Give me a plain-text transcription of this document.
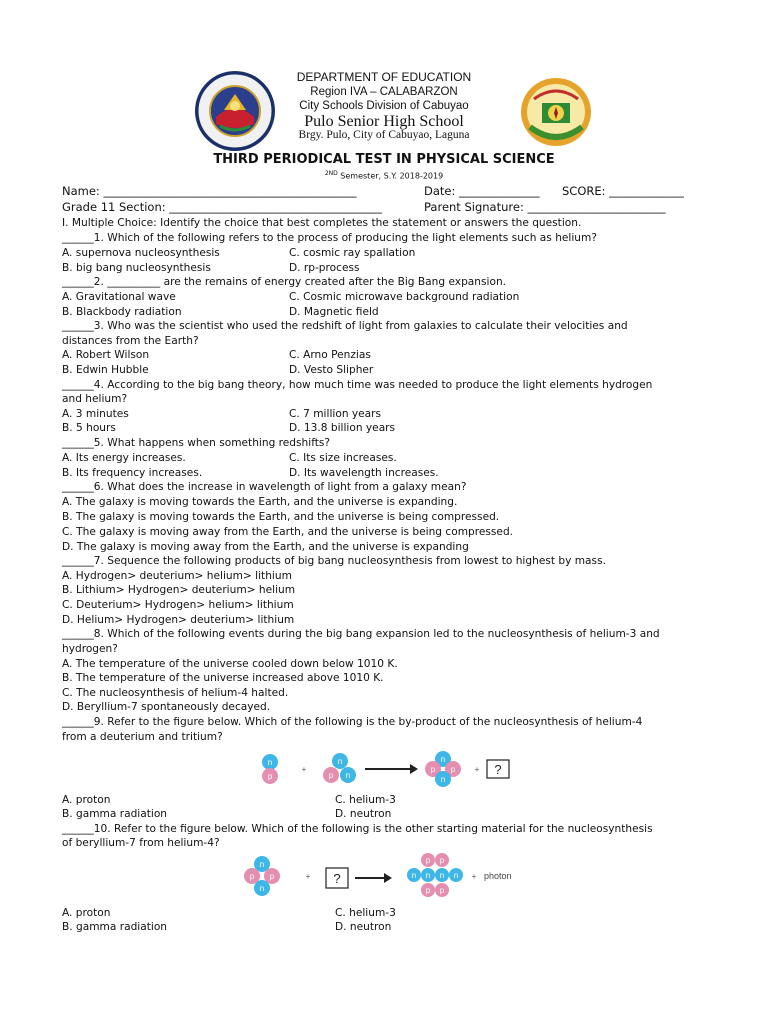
DEPARTMENT OF EDUCATION
Region IVA – CALABARZON
City Schools Division of Cabuyao
Pulo Senior High School
Brgy. Pulo, City of Cabuyao, Laguna
THIRD PERIODICAL TEST IN PHYSICAL SCIENCE
$^{2ND}$ Semester, S.Y. 2018-2019
Name: ____________________________________________	Date: ______________ SCORE: _____________
Grade 11 Section: _____________________________________	Parent Signature: ________________________
I. Multiple Choice: Identify the choice that best completes the statement or answers the question.
______1. Which of the following refers to the process of producing the light elements such as helium?
A. supernova nucleosynthesis	C. cosmic ray spallation
B. big bang nucleosynthesis	D. rp-process
______2. __________ are the remains of energy created after the Big Bang expansion.
A. Gravitational wave	C. Cosmic microwave background radiation
B. Blackbody radiation	D. Magnetic field
______3. Who was the scientist who used the redshift of light from galaxies to calculate their velocities and
distances from the Earth?
A. Robert Wilson	C. Arno Penzias
B. Edwin Hubble	D. Vesto Slipher
______4. According to the big bang theory, how much time was needed to produce the light elements hydrogen
and helium?
A. 3 minutes	C. 7 million years
B. 5 hours	D. 13.8 billion years
______5. What happens when something redshifts?
A. Its energy increases.	C. Its size increases.
B. Its frequency increases.	D. Its wavelength increases.
______6. What does the increase in wavelength of light from a galaxy mean?
A. The galaxy is moving towards the Earth, and the universe is expanding.
B. The galaxy is moving towards the Earth, and the universe is being compressed.
C. The galaxy is moving away from the Earth, and the universe is being compressed.
D. The galaxy is moving away from the Earth, and the universe is expanding
______7. Sequence the following products of big bang nucleosynthesis from lowest to highest by mass.
A. Hydrogen> deuterium> helium> lithium
B. Lithium> Hydrogen> deuterium> helium
C. Deuterium> Hydrogen> helium> lithium
D. Helium> Hydrogen> deuterium> lithium
______8. Which of the following events during the big bang expansion led to the nucleosynthesis of helium-3 and
hydrogen?
A. The temperature of the universe cooled down below 1010 K.
B. The temperature of the universe increased above 1010 K.
C. The nucleosynthesis of helium-4 halted.
D. Beryllium-7 spontaneously decayed.
______9. Refer to the figure below. Which of the following is the by-product of the nucleosynthesis of helium-4
from a deuterium and tritium?
n
p
+
n
p n
n
p p
n
+ ?
A. proton	C. helium-3
B. gamma radiation	D. neutron
______10. Refer to the figure below. Which of the following is the other starting material for the nucleosynthesis
of beryllium-7 from helium-4?
n
p p
n
+ ?
p p
n n n n
p p
+ photon
A. proton	C. helium-3
B. gamma radiation	D. neutron
